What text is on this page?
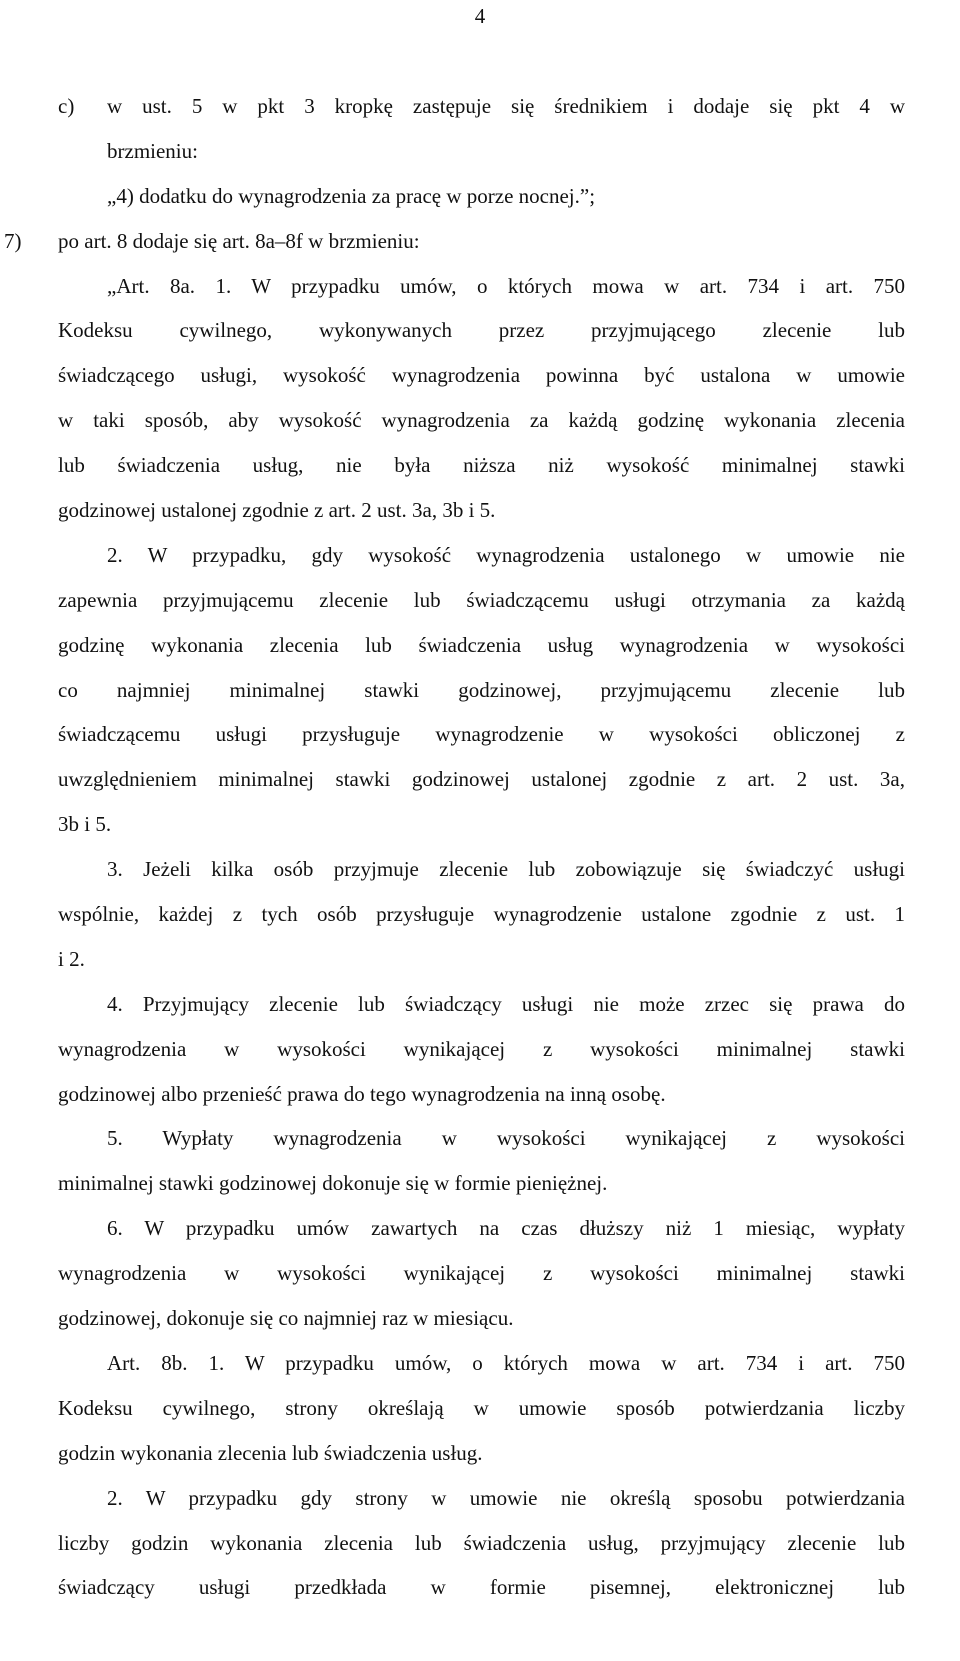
4
c) w ust. 5 w pkt 3 kropkę zastępuje się średnikiem i dodaje się pkt 4 w
brzmieniu:
„4) dodatku do wynagrodzenia za pracę w porze nocnej.”;
7) po art. 8 dodaje się art. 8a–8f w brzmieniu:
„Art. 8a. 1. W przypadku umów, o których mowa w art. 734 i art. 750
Kodeksu cywilnego, wykonywanych przez przyjmującego zlecenie lub
świadczącego usługi, wysokość wynagrodzenia powinna być ustalona w umowie
w taki sposób, aby wysokość wynagrodzenia za każdą godzinę wykonania zlecenia
lub świadczenia usług, nie była niższa niż wysokość minimalnej stawki
godzinowej ustalonej zgodnie z art. 2 ust. 3a, 3b i 5.
2. W przypadku, gdy wysokość wynagrodzenia ustalonego w umowie nie
zapewnia przyjmującemu zlecenie lub świadczącemu usługi otrzymania za każdą
godzinę wykonania zlecenia lub świadczenia usług wynagrodzenia w wysokości
co najmniej minimalnej stawki godzinowej, przyjmującemu zlecenie lub
świadczącemu usługi przysługuje wynagrodzenie w wysokości obliczonej z
uwzględnieniem minimalnej stawki godzinowej ustalonej zgodnie z art. 2 ust. 3a,
3b i 5.
3. Jeżeli kilka osób przyjmuje zlecenie lub zobowiązuje się świadczyć usługi
wspólnie, każdej z tych osób przysługuje wynagrodzenie ustalone zgodnie z ust. 1
i 2.
4. Przyjmujący zlecenie lub świadczący usługi nie może zrzec się prawa do
wynagrodzenia w wysokości wynikającej z wysokości minimalnej stawki
godzinowej albo przenieść prawa do tego wynagrodzenia na inną osobę.
5. Wypłaty wynagrodzenia w wysokości wynikającej z wysokości
minimalnej stawki godzinowej dokonuje się w formie pieniężnej.
6. W przypadku umów zawartych na czas dłuższy niż 1 miesiąc, wypłaty
wynagrodzenia w wysokości wynikającej z wysokości minimalnej stawki
godzinowej, dokonuje się co najmniej raz w miesiącu.
Art. 8b. 1. W przypadku umów, o których mowa w art. 734 i art. 750
Kodeksu cywilnego, strony określają w umowie sposób potwierdzania liczby
godzin wykonania zlecenia lub świadczenia usług.
2. W przypadku gdy strony w umowie nie określą sposobu potwierdzania
liczby godzin wykonania zlecenia lub świadczenia usług, przyjmujący zlecenie lub
świadczący usługi przedkłada w formie pisemnej, elektronicznej lub
